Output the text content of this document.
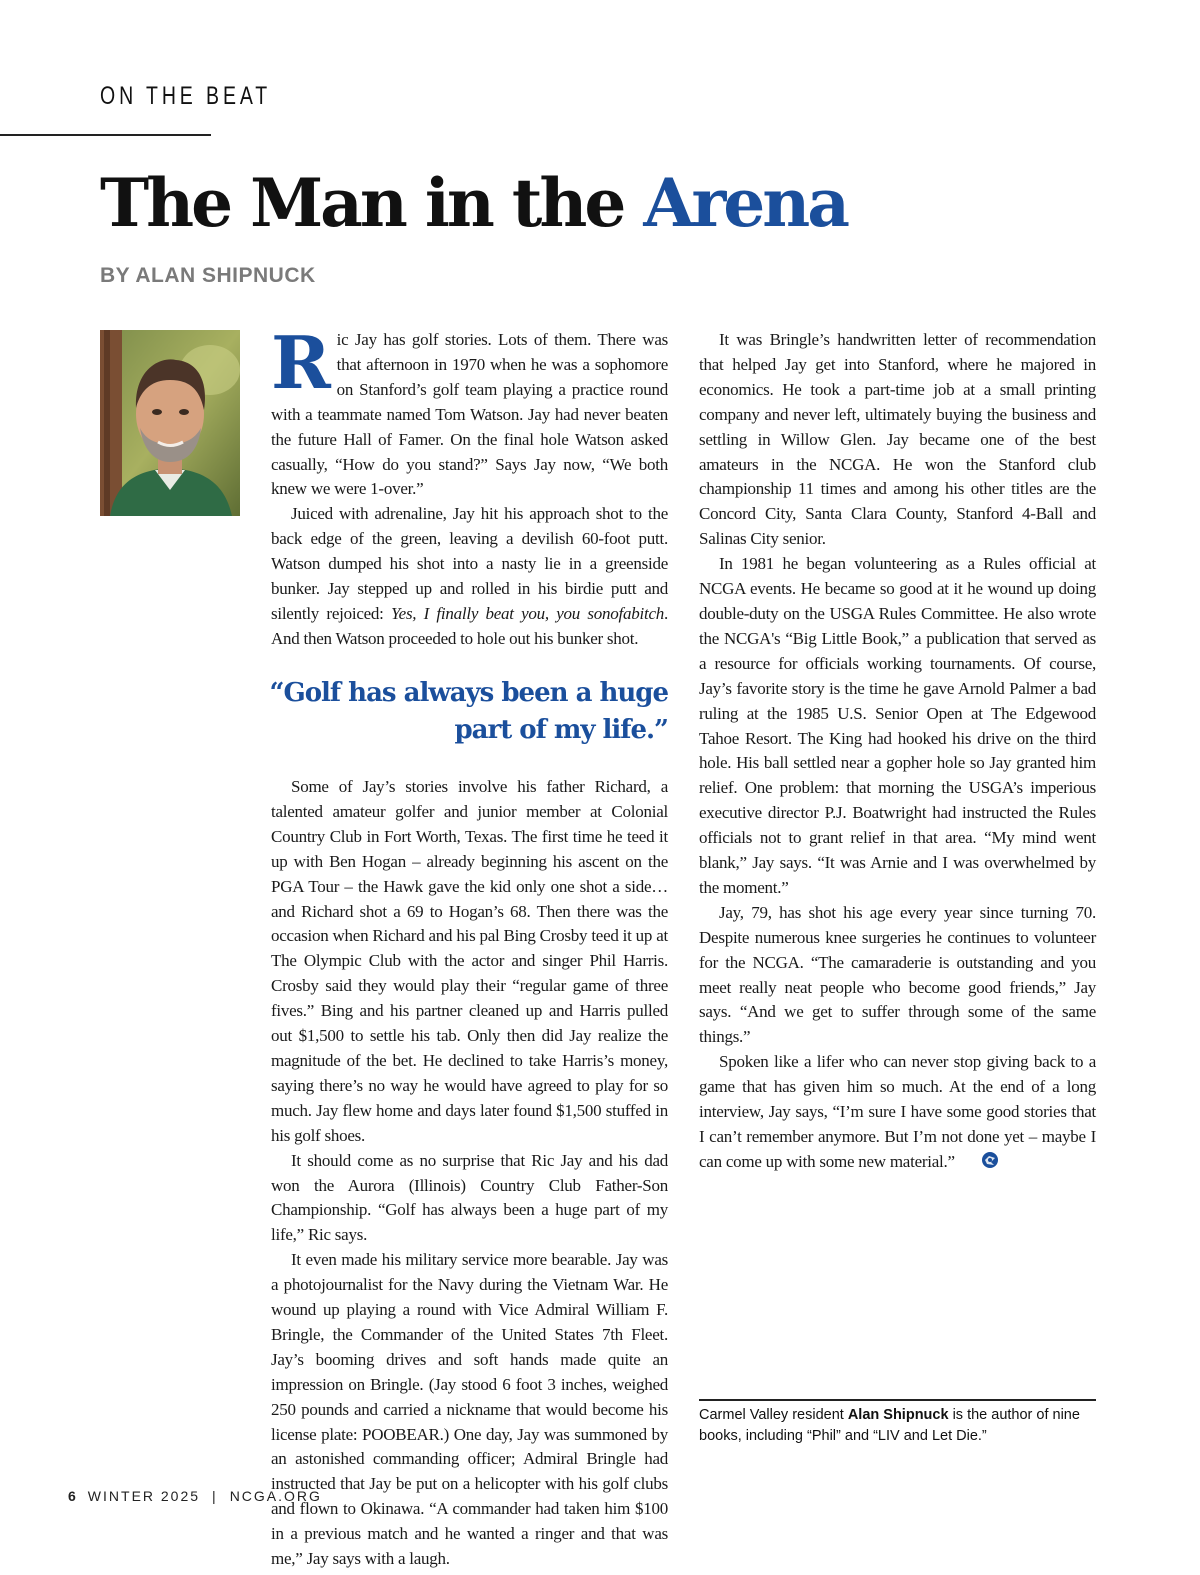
ON THE BEAT
The Man in the Arena
BY ALAN SHIPNUCK

Ric Jay has golf stories. Lots of them. There was that afternoon in 1970 when he was a sophomore on Stanford’s golf team playing a practice round with a teammate named Tom Watson. Jay had never beaten the future Hall of Famer. On the final hole Watson asked casually, “How do you stand?” Says Jay now, “We both knew we were 1-over.”

Juiced with adrenaline, Jay hit his approach shot to the back edge of the green, leaving a devilish 60-foot putt. Watson dumped his shot into a nasty lie in a greenside bunker. Jay stepped up and rolled in his birdie putt and silently rejoiced: Yes, I finally beat you, you sonofabitch. And then Watson proceeded to hole out his bunker shot.

“Golf has always been a huge part of my life.”

Some of Jay’s stories involve his father Richard, a talented amateur golfer and junior member at Colonial Country Club in Fort Worth, Texas. The first time he teed it up with Ben Hogan – already beginning his ascent on the PGA Tour – the Hawk gave the kid only one shot a side…and Richard shot a 69 to Hogan’s 68. Then there was the occasion when Richard and his pal Bing Crosby teed it up at The Olympic Club with the actor and singer Phil Harris. Crosby said they would play their “regular game of three fives.” Bing and his partner cleaned up and Harris pulled out $1,500 to settle his tab. Only then did Jay realize the magnitude of the bet. He declined to take Harris’s money, saying there’s no way he would have agreed to play for so much. Jay flew home and days later found $1,500 stuffed in his golf shoes.

It should come as no surprise that Ric Jay and his dad won the Aurora (Illinois) Country Club Father-Son Championship. “Golf has always been a huge part of my life,” Ric says.

It even made his military service more bearable. Jay was a photojournalist for the Navy during the Vietnam War. He wound up playing a round with Vice Admiral William F. Bringle, the Commander of the United States 7th Fleet. Jay’s booming drives and soft hands made quite an impression on Bringle. (Jay stood 6 foot 3 inches, weighed 250 pounds and carried a nickname that would become his license plate: POOBEAR.) One day, Jay was summoned by an astonished commanding officer; Admiral Bringle had instructed that Jay be put on a helicopter with his golf clubs and flown to Okinawa. “A commander had taken him $100 in a previous match and he wanted a ringer and that was me,” Jay says with a laugh.

It was Bringle’s handwritten letter of recommendation that helped Jay get into Stanford, where he majored in economics. He took a part-time job at a small printing company and never left, ultimately buying the business and settling in Willow Glen. Jay became one of the best amateurs in the NCGA. He won the Stanford club championship 11 times and among his other titles are the Concord City, Santa Clara County, Stanford 4-Ball and Salinas City senior.

In 1981 he began volunteering as a Rules official at NCGA events. He became so good at it he wound up doing double-duty on the USGA Rules Committee. He also wrote the NCGA's “Big Little Book,” a publication that served as a resource for officials working tournaments. Of course, Jay’s favorite story is the time he gave Arnold Palmer a bad ruling at the 1985 U.S. Senior Open at The Edgewood Tahoe Resort. The King had hooked his drive on the third hole. His ball settled near a gopher hole so Jay granted him relief. One problem: that morning the USGA’s imperious executive director P.J. Boatwright had instructed the Rules officials not to grant relief in that area. “My mind went blank,” Jay says. “It was Arnie and I was overwhelmed by the moment.”

Jay, 79, has shot his age every year since turning 70. Despite numerous knee surgeries he continues to volunteer for the NCGA. “The camaraderie is outstanding and you meet really neat people who become good friends,” Jay says. “And we get to suffer through some of the same things.”

Spoken like a lifer who can never stop giving back to a game that has given him so much. At the end of a long interview, Jay says, “I’m sure I have some good stories that I can’t remember anymore. But I’m not done yet – maybe I can come up with some new material.”

Carmel Valley resident Alan Shipnuck is the author of nine books, including “Phil” and “LIV and Let Die.”
6 WINTER 2025 | NCGA.ORG
